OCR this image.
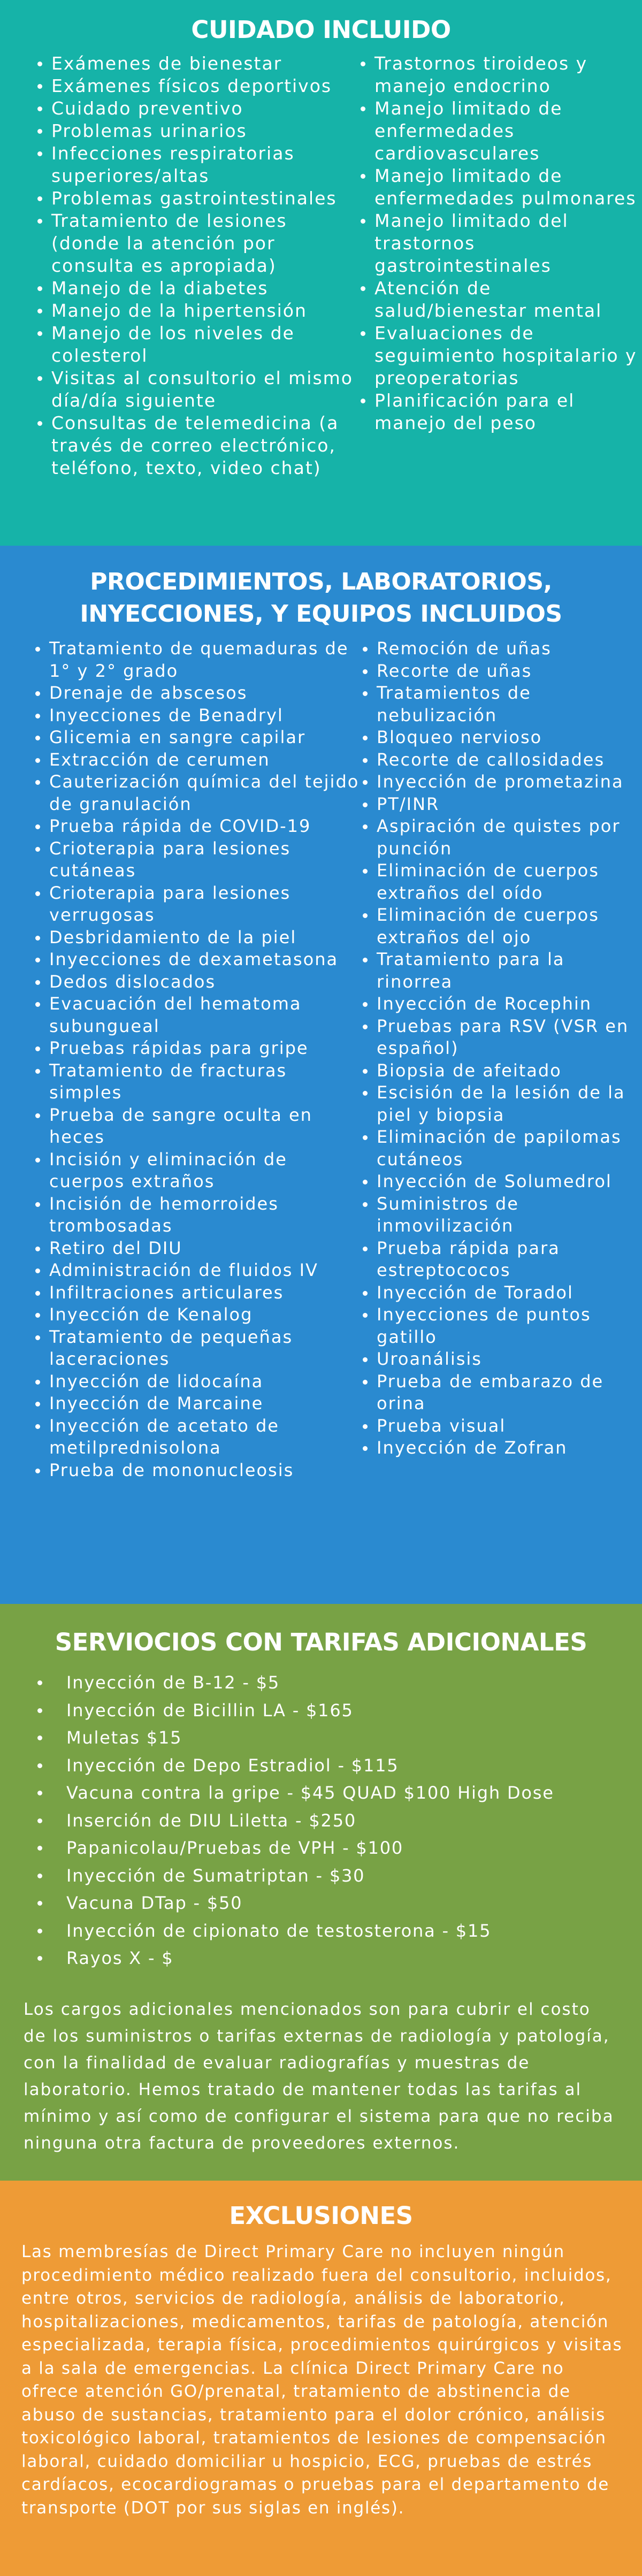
CUIDADO INCLUIDO
Exámenes de bienestar
Exámenes físicos deportivos
Cuidado preventivo
Problemas urinarios
Infecciones respiratorias superiores/altas
Problemas gastrointestinales
Tratamiento de lesiones (donde la atención por consulta es apropiada)
Manejo de la diabetes
Manejo de la hipertensión
Manejo de los niveles de colesterol
Visitas al consultorio el mismo día/día siguiente
Consultas de telemedicina (a través de correo electrónico, teléfono, texto, video chat)
Trastornos tiroideos y manejo endocrino
Manejo limitado de enfermedades cardiovasculares
Manejo limitado de enfermedades pulmonares
Manejo limitado del trastornos gastrointestinales
Atención de salud/bienestar mental
Evaluaciones de seguimiento hospitalario y preoperatorias
Planificación para el manejo del peso
PROCEDIMIENTOS, LABORATORIOS,
INYECCIONES, Y EQUIPOS INCLUIDOS
Tratamiento de quemaduras de 1° y 2° grado
Drenaje de abscesos
Inyecciones de Benadryl
Glicemia en sangre capilar
Extracción de cerumen
Cauterización química del tejido de granulación
Prueba rápida de COVID-19
Crioterapia para lesiones cutáneas
Crioterapia para lesiones verrugosas
Desbridamiento de la piel
Inyecciones de dexametasona
Dedos dislocados
Evacuación del hematoma subungueal
Pruebas rápidas para gripe
Tratamiento de fracturas simples
Prueba de sangre oculta en heces
Incisión y eliminación de cuerpos extraños
Incisión de hemorroides trombosadas
Retiro del DIU
Administración de fluidos IV
Infiltraciones articulares
Inyección de Kenalog
Tratamiento de pequeñas laceraciones
Inyección de lidocaína
Inyección de Marcaine
Inyección de acetato de metilprednisolona
Prueba de mononucleosis
Remoción de uñas
Recorte de uñas
Tratamientos de nebulización
Bloqueo nervioso
Recorte de callosidades
Inyección de prometazina
PT/INR
Aspiración de quistes por punción
Eliminación de cuerpos extraños del oído
Eliminación de cuerpos extraños del ojo
Tratamiento para la rinorrea
Inyección de Rocephin
Pruebas para RSV (VSR en español)
Biopsia de afeitado
Escisión de la lesión de la piel y biopsia
Eliminación de papilomas cutáneos
Inyección de Solumedrol
Suministros de inmovilización
Prueba rápida para estreptococos
Inyección de Toradol
Inyecciones de puntos gatillo
Uroanálisis
Prueba de embarazo de orina
Prueba visual
Inyección de Zofran
SERVIOCIOS CON TARIFAS ADICIONALES
Inyección de B-12 - $5
Inyección de Bicillin LA - $165
Muletas $15
Inyección de Depo Estradiol - $115
Vacuna contra la gripe - $45 QUAD $100 High Dose
Inserción de DIU Liletta - $250
Papanicolau/Pruebas de VPH - $100
Inyección de Sumatriptan - $30
Vacuna DTap - $50
Inyección de cipionato de testosterona - $15
Rayos X - $

Los cargos adicionales mencionados son para cubrir el costo de los suministros o tarifas externas de radiología y patología, con la finalidad de evaluar radiografías y muestras de laboratorio. Hemos tratado de mantener todas las tarifas al mínimo y así como de configurar el sistema para que no reciba ninguna otra factura de proveedores externos.

EXCLUSIONES

Las membresías de Direct Primary Care no incluyen ningún procedimiento médico realizado fuera del consultorio, incluidos, entre otros, servicios de radiología, análisis de laboratorio, hospitalizaciones, medicamentos, tarifas de patología, atención especializada, terapia física, procedimientos quirúrgicos y visitas a la sala de emergencias. La clínica Direct Primary Care no ofrece atención GO/prenatal, tratamiento de abstinencia de abuso de sustancias, tratamiento para el dolor crónico, análisis toxicológico laboral, tratamientos de lesiones de compensación laboral, cuidado domiciliar u hospicio, ECG, pruebas de estrés cardíacos, ecocardiogramas o pruebas para el departamento de transporte (DOT por sus siglas en inglés).
